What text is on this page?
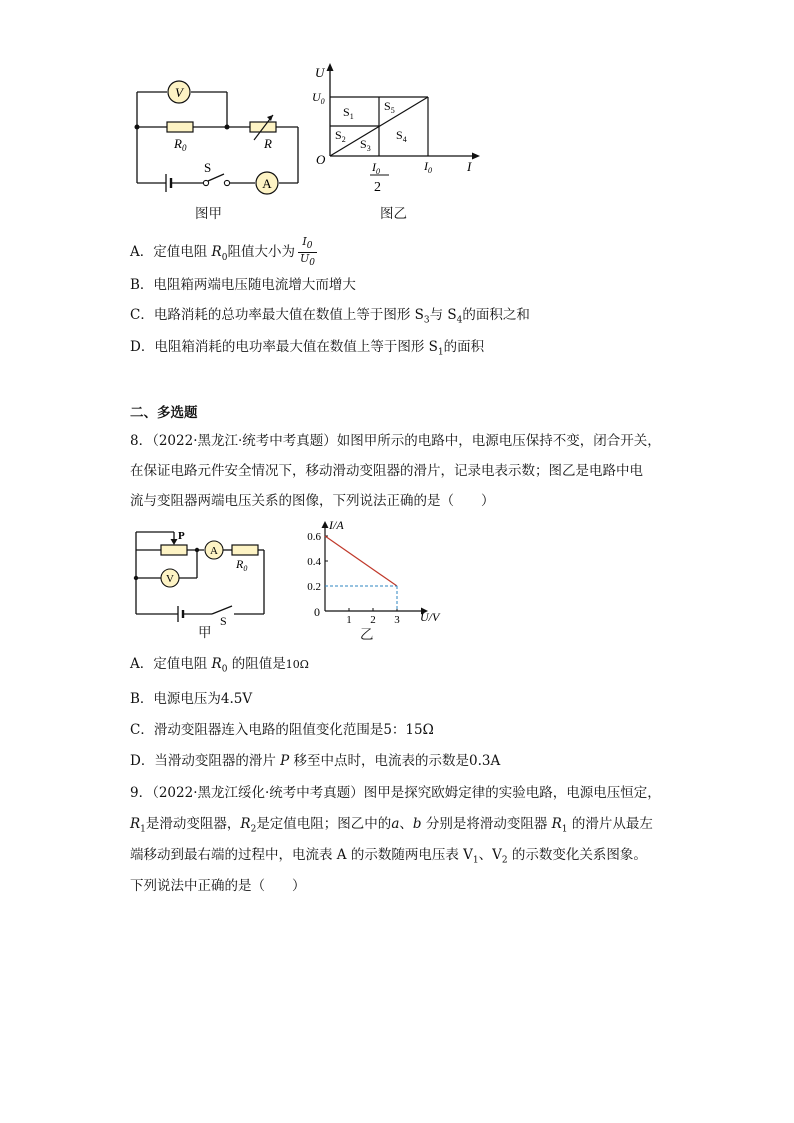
V
A
$R_0$	R
S
图甲
U
$U_0$
O	I
$I_0$
$I_0$
2
$S_1$
$S_5$
$S_2$ $S_3$
$S_4$
图乙
A．定值电阻 $R_0$阻值大小为 $\frac{I_0}{U_0}$
B．电阻箱两端电压随电流增大而增大
C．电路消耗的总功率最大值在数值上等于图形 $S_3$与 $S_4$的面积之和
D．电阻箱消耗的电功率最大值在数值上等于图形 $S_1$的面积
二、多选题
8．（2022·黑龙江·统考中考真题）如图甲所示的电路中，电源电压保持不变，闭合开关，
在保证电路元件安全情况下，移动滑动变阻器的滑片，记录电表示数；图乙是电路中电
流与变阻器两端电压关系的图像，下列说法正确的是（　　）
P
A
V
$R_0$
S
甲
I/A
U/V
0
1 2 3
0.2
0.4
0.6
乙
A．定值电阻 $R_0$ 的阻值是10Ω
B．电源电压为4.5V
C．滑动变阻器连入电路的阻值变化范围是5：15Ω
D．当滑动变阻器的滑片 P 移至中点时，电流表的示数是0.3A
9．（2022·黑龙江绥化·统考中考真题）图甲是探究欧姆定律的实验电路，电源电压恒定，
$R_1$是滑动变阻器，$R_2$是定值电阻；图乙中的a、b 分别是将滑动变阻器 $R_1$ 的滑片从最左
端移动到最右端的过程中，电流表 A 的示数随两电压表 $V_1$、$V_2$ 的示数变化关系图象。
下列说法中正确的是（　　）
